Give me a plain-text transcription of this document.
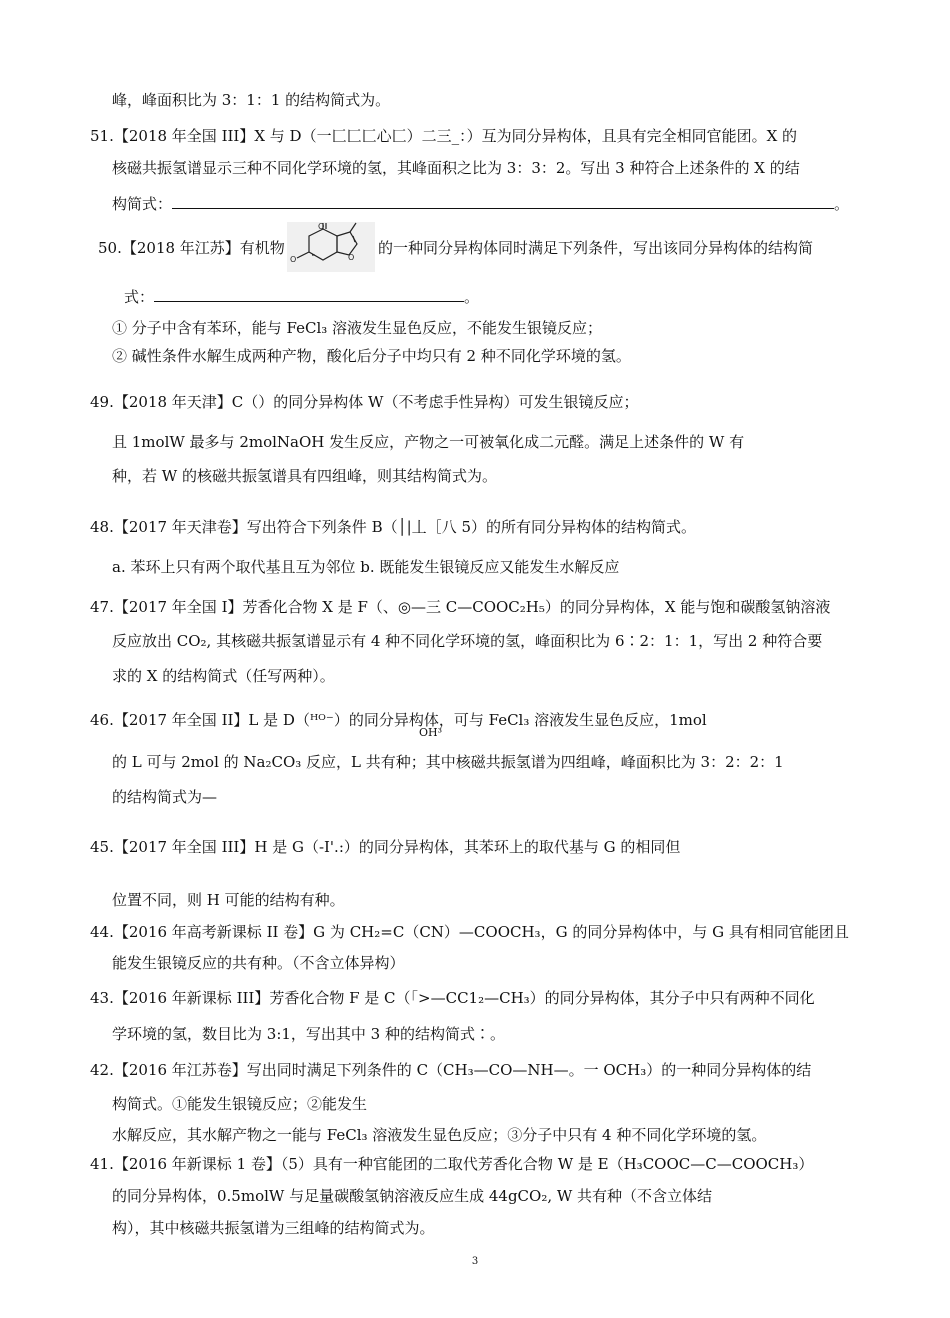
峰，峰面积比为 3：1：1 的结构简式为。
51.【2018 年全国 III】X 与 D（一匚匚匚心匚）二三_：）互为同分异构体，且具有完全相同官能团。X 的
核磁共振氢谱显示三种不同化学环境的氢，其峰面积之比为 3：3：2。写出 3 种符合上述条件的 X 的结
构简式：	。
50.【2018 年江苏】有机物
O
O	O
的一种同分异构体同时满足下列条件，写出该同分异构体的结构简
式：	。
① 分子中含有苯环，能与 FeCl₃ 溶液发生显色反应，不能发生银镜反应；
② 碱性条件水解生成两种产物，酸化后分子中均只有 2 种不同化学环境的氢。
49.【2018 年天津】C（）的同分异构体 W（不考虑手性异构）可发生银镜反应；
且 1molW 最多与 2molNaOH 发生反应，产物之一可被氧化成二元醛。满足上述条件的 W 有
种，若 W 的核磁共振氢谱具有四组峰，则其结构简式为。
48.【2017 年天津卷】写出符合下列条件 B（│|丄［八 5）的所有同分异构体的结构简式。
a. 苯环上只有两个取代基且互为邻位 b. 既能发生银镜反应又能发生水解反应
47.【2017 年全国 I】芳香化合物 X 是 F（、◎—三 C—COOC₂H₅）的同分异构体，X 能与饱和碳酸氢钠溶液
反应放出 CO₂, 其核磁共振氢谱显示有 4 种不同化学环境的氢，峰面积比为 6∶2：1：1，写出 2 种符合要
求的 X 的结构简式（任写两种）。
46.【2017 年全国 II】L 是 D（ᴴᴼ⁻）的同分异构体，可与 FeCl₃ 溶液发生显色反应，1mol
OH³
的 L 可与 2mol 的 Na₂CO₃ 反应，L 共有种；其中核磁共振氢谱为四组峰，峰面积比为 3：2：2：1
的结构简式为—
45.【2017 年全国 III】H 是 G（-I'.:）的同分异构体，其苯环上的取代基与 G 的相同但
位置不同，则 H 可能的结构有种。
44.【2016 年高考新课标 II 卷】G 为 CH₂=C（CN）—COOCH₃，G 的同分异构体中，与 G 具有相同官能团且
能发生银镜反应的共有种。（不含立体异构）
43.【2016 年新课标 III】芳香化合物 F 是 C（「>—CC1₂—CH₃）的同分异构体，其分子中只有两种不同化
学环境的氢，数目比为 3:1，写出其中 3 种的结构简式∶。
42.【2016 年江苏卷】写出同时满足下列条件的 C（CH₃—CO—NH—。一 OCH₃）的一种同分异构体的结
构简式。①能发生银镜反应；②能发生
水解反应，其水解产物之一能与 FeCl₃ 溶液发生显色反应；③分子中只有 4 种不同化学环境的氢。
41.【2016 年新课标 1 卷】（5）具有一种官能团的二取代芳香化合物 W 是 E（H₃COOC—C—COOCH₃）
的同分异构体，0.5molW 与足量碳酸氢钠溶液反应生成 44gCO₂, W 共有种（不含立体结
构），其中核磁共振氢谱为三组峰的结构简式为。
3
